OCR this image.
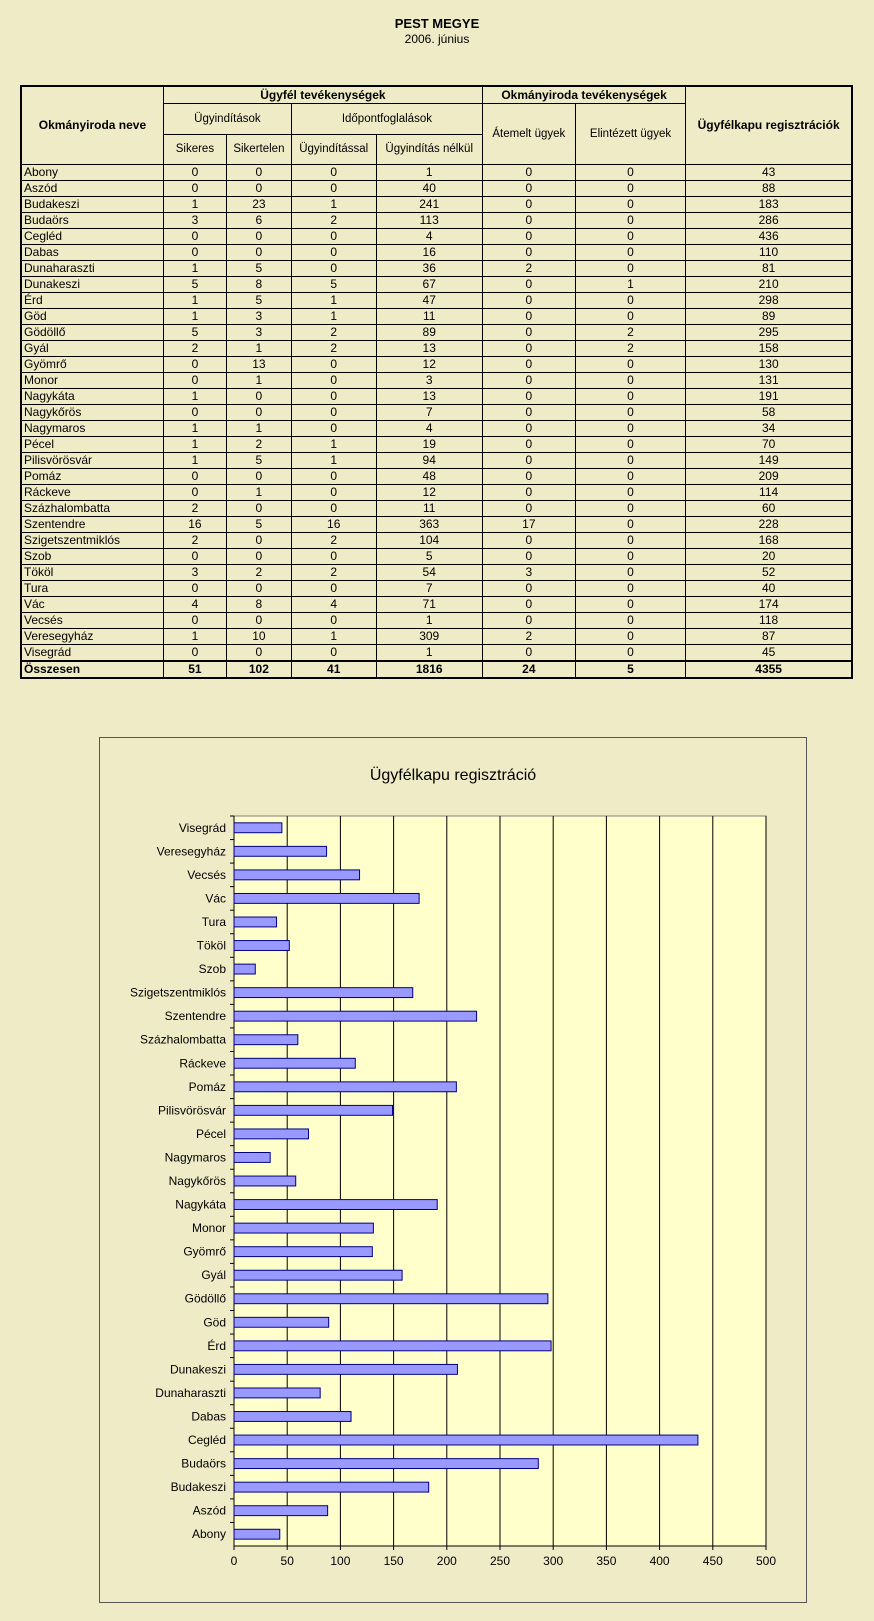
PEST MEGYE
2006. június
Okmányiroda neve	Ügyfél tevékenységek				Okmányiroda tevékenységek		Ügyfélkapu regisztrációk
	Ügyindítások		Időpontfoglalások		Átemelt ügyek	Elintézett ügyek	
	Sikeres	Sikertelen	Ügyindítással	Ügyindítás nélkül			
Abony	0	0	0	1	0	0	43
Aszód	0	0	0	40	0	0	88
Budakeszi	1	23	1	241	0	0	183
Budaörs	3	6	2	113	0	0	286
Cegléd	0	0	0	4	0	0	436
Dabas	0	0	0	16	0	0	110
Dunaharaszti	1	5	0	36	2	0	81
Dunakeszi	5	8	5	67	0	1	210
Érd	1	5	1	47	0	0	298
Göd	1	3	1	11	0	0	89
Gödöllő	5	3	2	89	0	2	295
Gyál	2	1	2	13	0	2	158
Gyömrő	0	13	0	12	0	0	130
Monor	0	1	0	3	0	0	131
Nagykáta	1	0	0	13	0	0	191
Nagykőrös	0	0	0	7	0	0	58
Nagymaros	1	1	0	4	0	0	34
Pécel	1	2	1	19	0	0	70
Pilisvörösvár	1	5	1	94	0	0	149
Pomáz	0	0	0	48	0	0	209
Ráckeve	0	1	0	12	0	0	114
Százhalombatta	2	0	0	11	0	0	60
Szentendre	16	5	16	363	17	0	228
Szigetszentmiklós	2	0	2	104	0	0	168
Szob	0	0	0	5	0	0	20
Tököl	3	2	2	54	3	0	52
Tura	0	0	0	7	0	0	40
Vác	4	8	4	71	0	0	174
Vecsés	0	0	0	1	0	0	118
Veresegyház	1	10	1	309	2	0	87
Visegrád	0	0	0	1	0	0	45
Összesen	51	102	41	1816	24	5	4355
Ügyfélkapu regisztráció
0	50	100	150	200	250	300	350	400	450	500
Visegrád
Veresegyház
Vecsés
Vác
Tura
Tököl
Szob
Szigetszentmiklós
Szentendre
Százhalombatta
Ráckeve
Pomáz
Pilisvörösvár
Pécel
Nagymaros
Nagykőrös
Nagykáta
Monor
Gyömrő
Gyál
Gödöllő
Göd
Érd
Dunakeszi
Dunaharaszti
Dabas
Cegléd
Budaörs
Budakeszi
Aszód
Abony
